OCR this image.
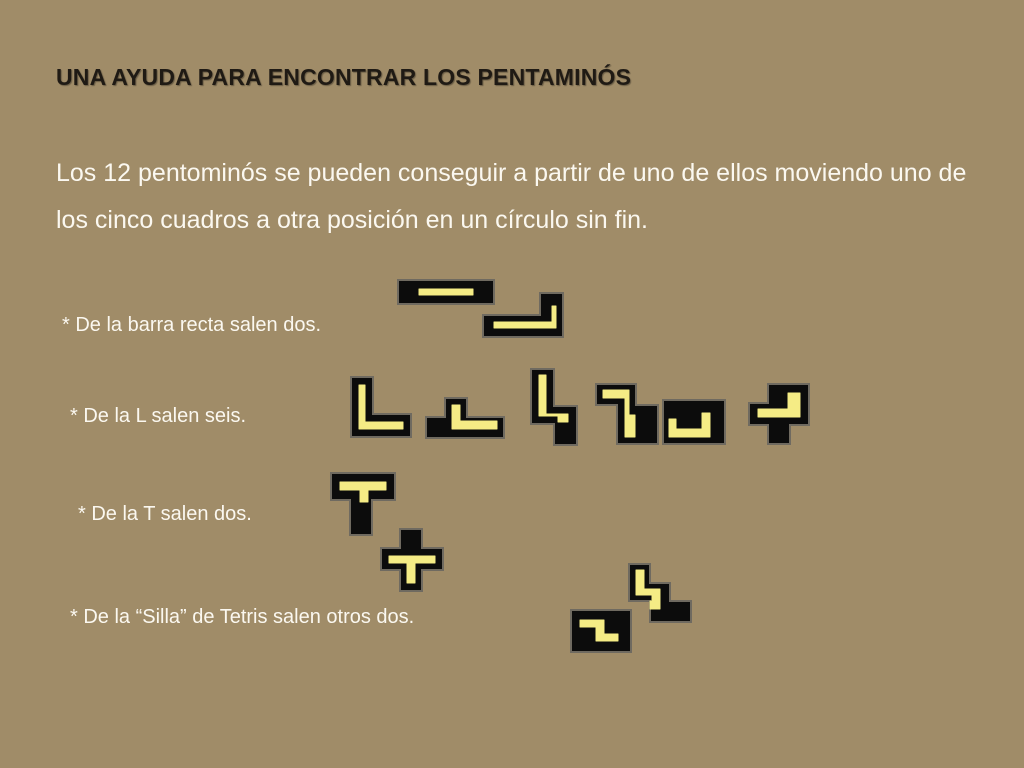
UNA AYUDA PARA ENCONTRAR LOS PENTAMINÓS
Los 12 pentominós se pueden conseguir a partir de uno de ellos moviendo uno de los cinco cuadros a otra posición en un círculo sin fin.
* De la barra recta salen dos.
* De la L salen seis.
* De la T salen dos.
* De la “Silla” de Tetris salen otros dos.
